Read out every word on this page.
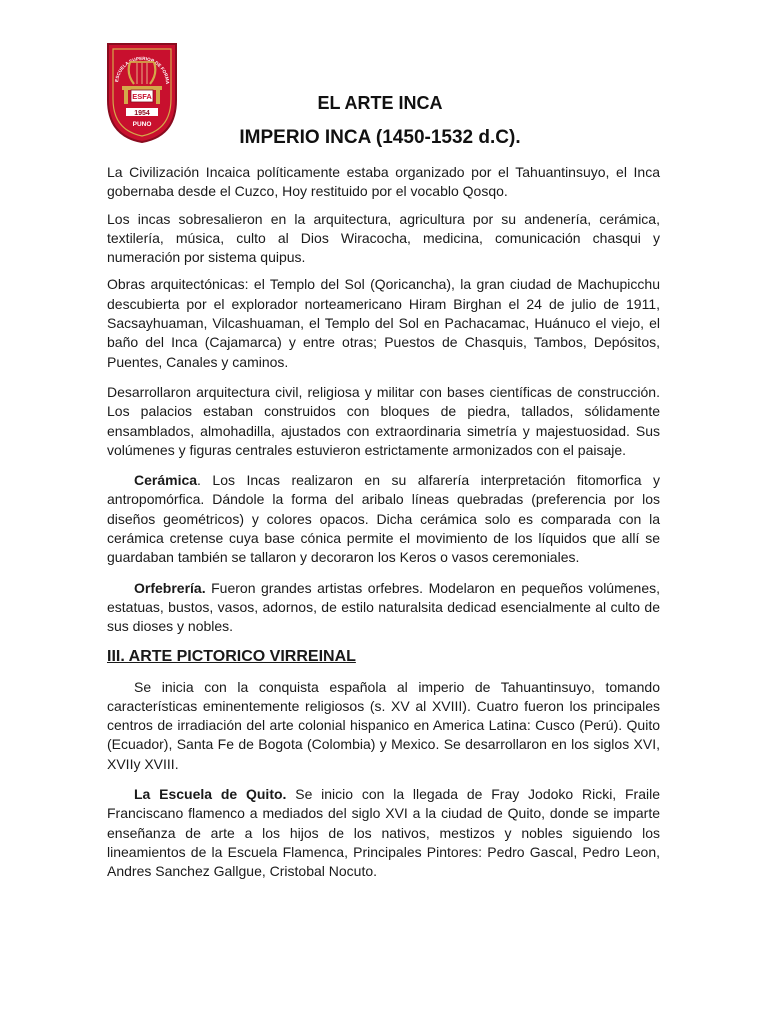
ESCUELA SUPERIOR DE FORMA
ESFA
1954
PUNO
EL ARTE INCA
IMPERIO INCA (1450-1532 d.C).

La Civilización Incaica políticamente estaba organizado por el Tahuantinsuyo, el Inca gobernaba desde el Cuzco, Hoy restituido por el vocablo Qosqo.

Los incas sobresalieron en la arquitectura, agricultura por su andenería, cerámica, textilería, música, culto al Dios Wiracocha, medicina, comunicación chasqui y numeración por sistema quipus.

Obras arquitectónicas: el Templo del Sol (Qoricancha), la gran ciudad de Machupicchu descubierta por el explorador norteamericano Hiram Birghan el 24 de julio de 1911, Sacsayhuaman, Vilcashuaman, el Templo del Sol en Pachacamac, Huánuco el viejo, el baño del Inca (Cajamarca) y entre otras; Puestos de Chasquis, Tambos, Depósitos, Puentes, Canales y caminos.

Desarrollaron arquitectura civil, religiosa y militar con bases científicas de construcción. Los palacios estaban construidos con bloques de piedra, tallados, sólidamente ensamblados, almohadilla, ajustados con extraordinaria simetría y majestuosidad. Sus volúmenes y figuras centrales estuvieron estrictamente armonizados con el paisaje.

Cerámica. Los Incas realizaron en su alfarería interpretación fitomorfica y antropomórfica. Dándole la forma del aribalo líneas quebradas (preferencia por los diseños geométricos) y colores opacos. Dicha cerámica solo es comparada con la cerámica cretense cuya base cónica permite el movimiento de los líquidos que allí se guardaban también se tallaron y decoraron los Keros o vasos ceremoniales.

Orfebrería. Fueron grandes artistas orfebres. Modelaron en pequeños volúmenes, estatuas, bustos, vasos, adornos, de estilo naturalsita dedicad esencialmente al culto de sus dioses y nobles.

III. ARTE PICTORICO VIRREINAL

Se inicia con la conquista española al imperio de Tahuantinsuyo, tomando características eminentemente religiosos (s. XV al XVIII). Cuatro fueron los principales centros de irradiación del arte colonial hispanico en America Latina: Cusco (Perú). Quito (Ecuador), Santa Fe de Bogota (Colombia) y Mexico. Se desarrollaron en los siglos XVI, XVIIy XVIII.

La Escuela de Quito. Se inicio con la llegada de Fray Jodoko Ricki, Fraile Franciscano flamenco a mediados del siglo XVI a la ciudad de Quito, donde se imparte enseñanza de arte a los hijos de los nativos, mestizos y nobles siguiendo los lineamientos de la Escuela Flamenca, Principales Pintores: Pedro Gascal, Pedro Leon, Andres Sanchez Gallgue, Cristobal Nocuto.
